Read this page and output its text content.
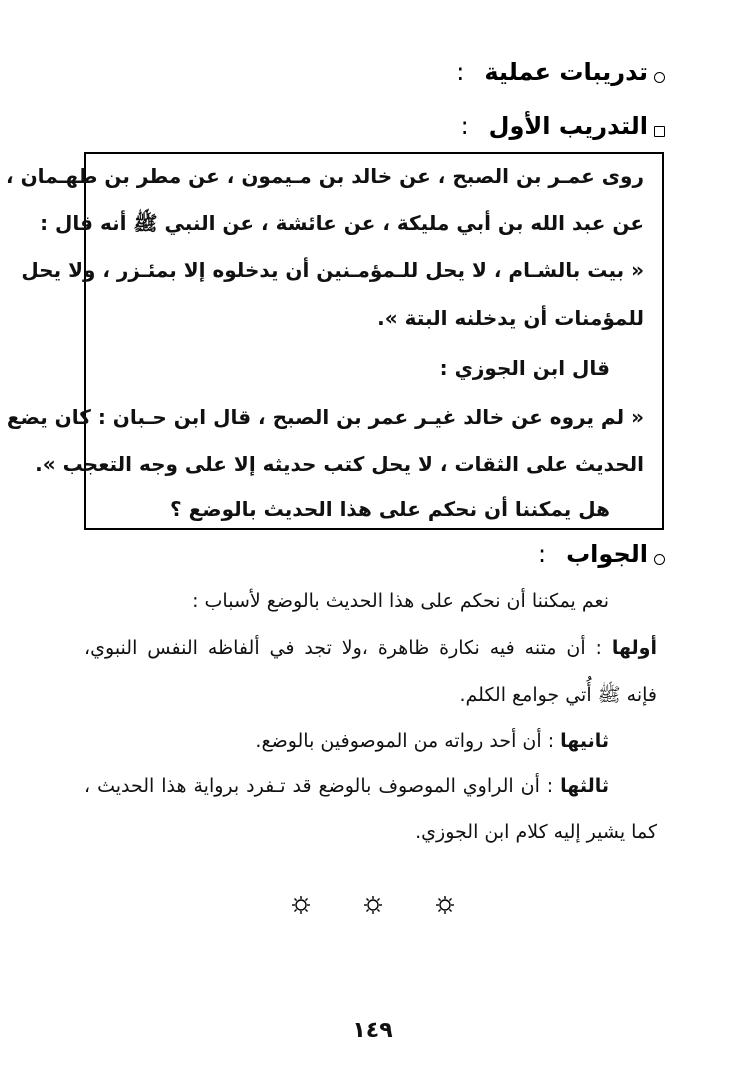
تدريبات عملية
:
التدريب الأول
:
روى عمـر بن الصبح ، عن خالد بن مـيمون ، عن مطر بن طهـمان ،
عن عبد الله بن أبي مليكة ، عن عائشة ، عن النبي ﷺ أنه قال :
« بيت بالشـام ، لا يحل للـمؤمـنين أن يدخلوه إلا بمئـزر ، ولا يحل
للمؤمنات أن يدخلنه البتة ».
قال ابن الجوزي :
« لم يروه عن خالد غيـر عمر بن الصبح ، قال ابن حـبان : كان يضع
الحديث على الثقات ، لا يحل كتب حديثه إلا على وجه التعجب ».
هل يمكننا أن نحكم على هذا الحديث بالوضع ؟
الجواب
:
نعم يمكننا أن نحكم على هذا الحديث بالوضع لأسباب :
أولها : أن متنه فيه نكارة ظاهرة ،ولا تجد في ألفاظه النفس النبوي،
فإنه ﷺ أُتي جوامع الكلم.
ثانيها : أن أحد رواته من الموصوفين بالوضع.
ثالثها : أن الراوي الموصوف بالوضع قد تـفرد برواية هذا الحديث ،
كما يشير إليه كلام ابن الجوزي.
١٤٩
